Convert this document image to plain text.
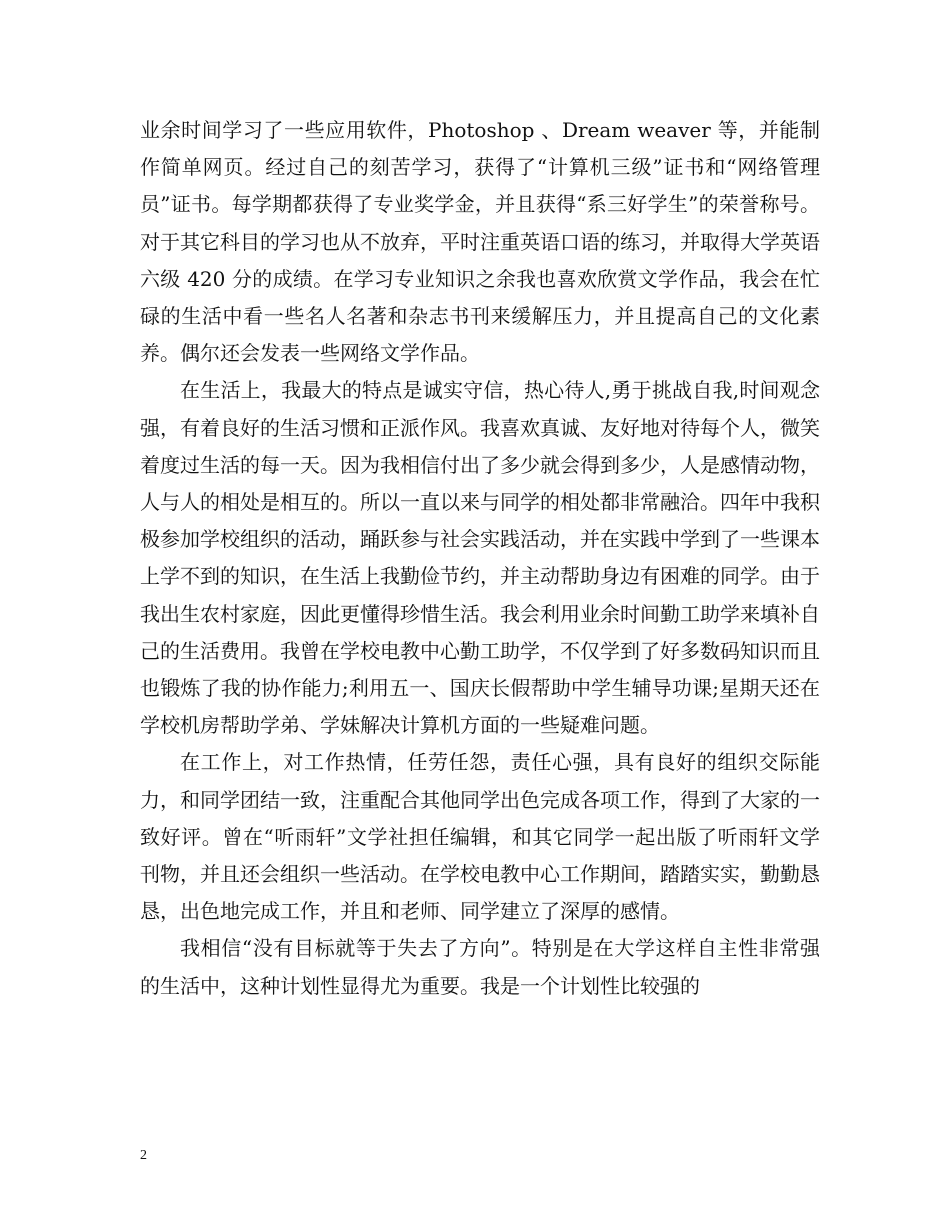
业余时间学习了一些应用软件，Photoshop 、Dream weaver 等，并能制作简单网页。经过自己的刻苦学习，获得了“计算机三级”证书和“网络管理员”证书。每学期都获得了专业奖学金，并且获得“系三好学生”的荣誉称号。对于其它科目的学习也从不放弃，平时注重英语口语的练习，并取得大学英语六级 420 分的成绩。在学习专业知识之余我也喜欢欣赏文学作品，我会在忙碌的生活中看一些名人名著和杂志书刊来缓解压力，并且提高自己的文化素养。偶尔还会发表一些网络文学作品。

在生活上，我最大的特点是诚实守信，热心待人,勇于挑战自我,时间观念强，有着良好的生活习惯和正派作风。我喜欢真诚、友好地对待每个人，微笑着度过生活的每一天。因为我相信付出了多少就会得到多少，人是感情动物，人与人的相处是相互的。所以一直以来与同学的相处都非常融洽。四年中我积极参加学校组织的活动，踊跃参与社会实践活动，并在实践中学到了一些课本上学不到的知识，在生活上我勤俭节约，并主动帮助身边有困难的同学。由于我出生农村家庭，因此更懂得珍惜生活。我会利用业余时间勤工助学来填补自己的生活费用。我曾在学校电教中心勤工助学，不仅学到了好多数码知识而且也锻炼了我的协作能力;利用五一、国庆长假帮助中学生辅导功课;星期天还在学校机房帮助学弟、学妹解决计算机方面的一些疑难问题。

在工作上，对工作热情，任劳任怨，责任心强，具有良好的组织交际能力，和同学团结一致，注重配合其他同学出色完成各项工作，得到了大家的一致好评。曾在“听雨轩”文学社担任编辑，和其它同学一起出版了听雨轩文学刊物，并且还会组织一些活动。在学校电教中心工作期间，踏踏实实，勤勤恳恳，出色地完成工作，并且和老师、同学建立了深厚的感情。

我相信“没有目标就等于失去了方向”。特别是在大学这样自主性非常强的生活中，这种计划性显得尤为重要。我是一个计划性比较强的

2
